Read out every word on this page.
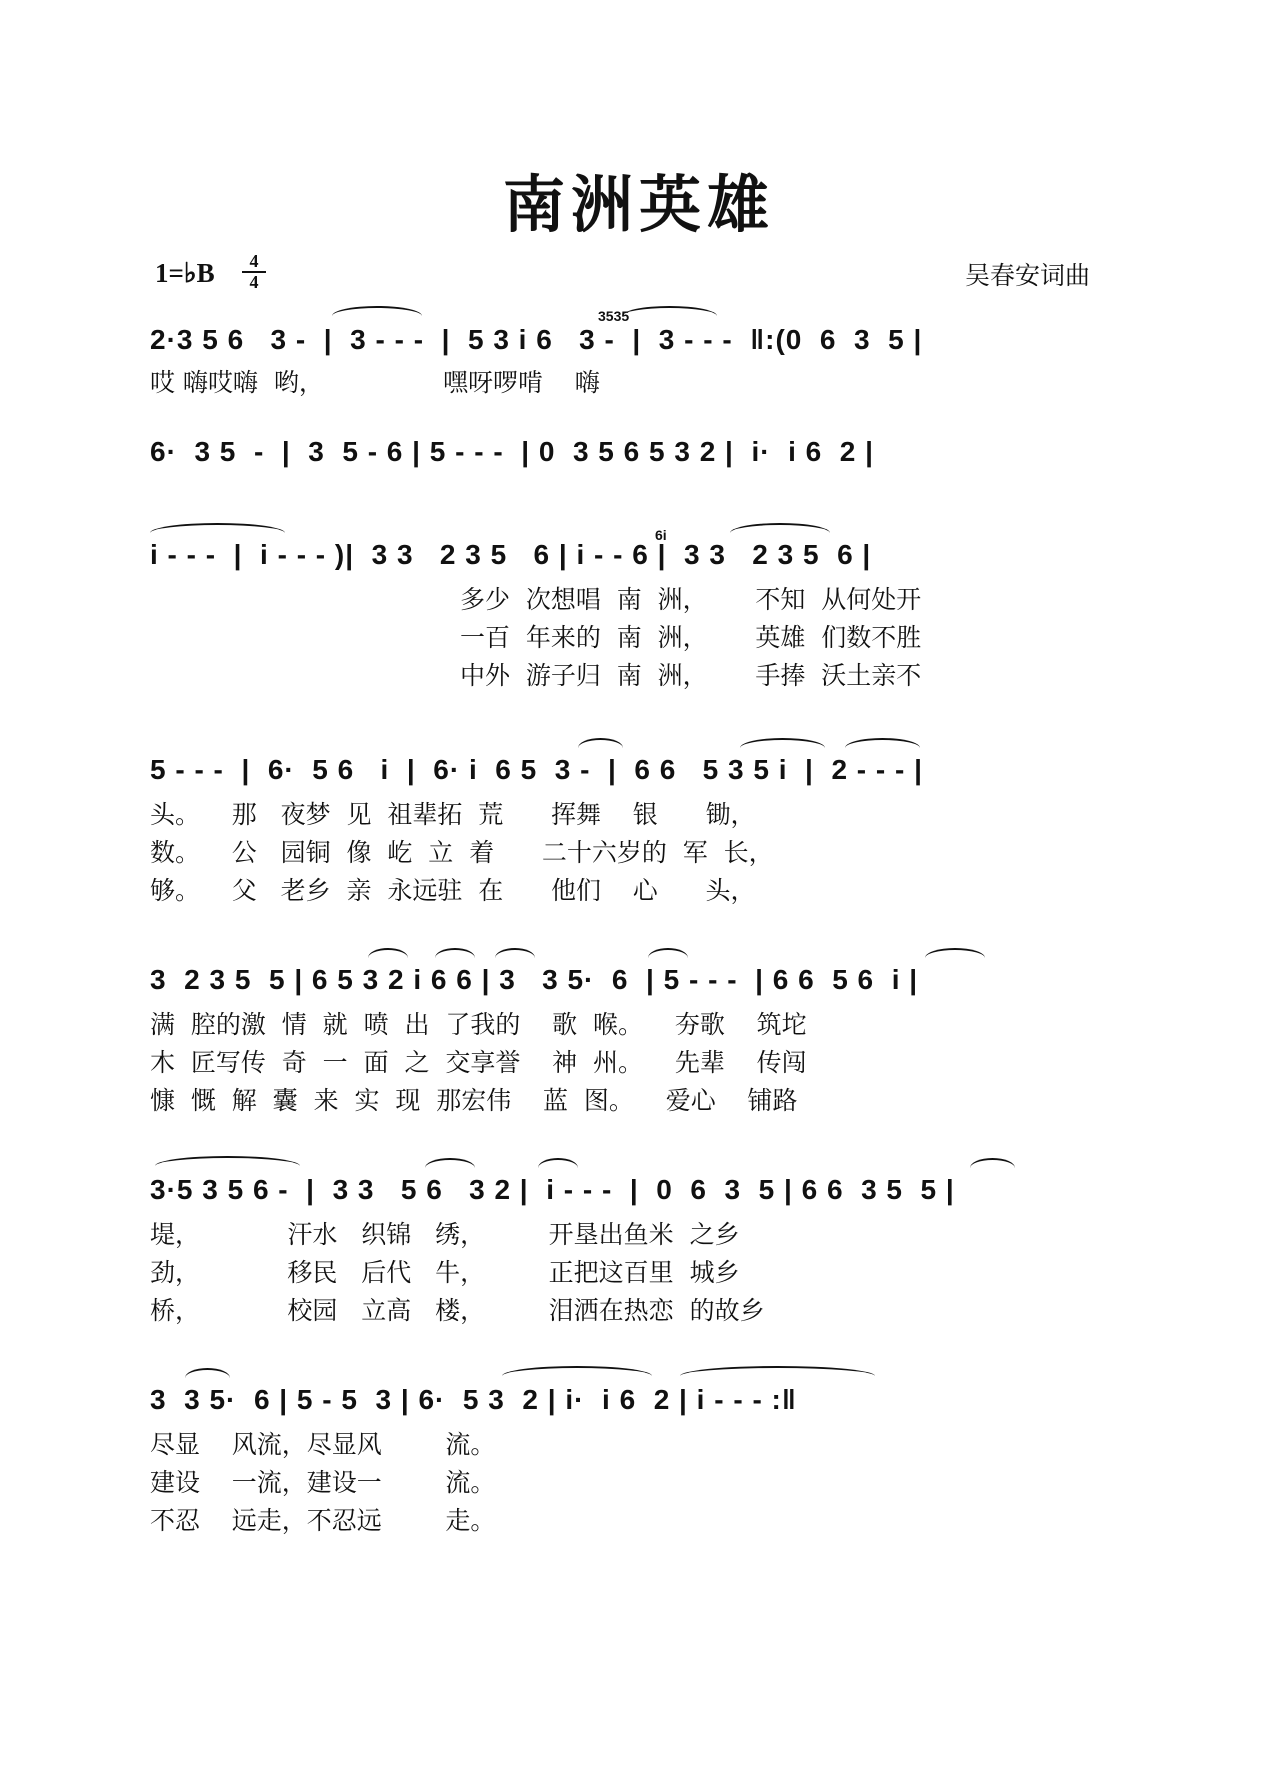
南洲英雄
1=♭B	4
4	吴春安词曲
3535
2·3 5 6   3 -  |  3 - - -  |  5 3 i 6   3 -  |  3 - - -  ‖:(0  6  3  5 |
哎 嗨哎嗨  哟，               嘿呀啰啃    嗨
6·  3 5  -  |  3  5 - 6 | 5 - - -  | 0  3 5 6 5 3 2 |  i·  i 6  2 |
6i
i - - -  |  i - - - )|  3 3   2 3 5   6 | i - - 6 |  3 3   2 3 5  6 |
多少  次想唱  南  洲，      不知  从何处开
一百  年来的  南  洲，      英雄  们数不胜
中外  游子归  南  洲，      手捧  沃土亲不
5 - - -  |  6·  5 6   i  |  6· i  6 5  3 -  |  6 6   5 3 5 i  |  2 - - - |
头。    那   夜梦  见  祖辈拓  荒      挥舞    银      锄，
数。    公   园铜  像  屹  立  着      二十六岁的  军  长，
够。    父   老乡  亲  永远驻  在      他们    心      头，
3  2 3 5  5 | 6 5 3 2 i 6 6 | 3   3 5·  6  | 5 - - -  | 6 6  5 6  i |
满  腔的激  情  就  喷  出  了我的    歌  喉。    夯歌    筑坨
木  匠写传  奇  一  面  之  交享誉    神  州。    先辈    传闯
慷  慨  解  囊  来  实  现  那宏伟    蓝  图。    爱心    铺路
3·5 3 5 6 -  |  3 3   5 6   3 2 |  i - - -  |  0  6  3  5 | 6 6  3 5  5 |
堤，           汗水   织锦   绣，        开垦出鱼米  之乡
劲，           移民   后代   牛，        正把这百里  城乡
桥，           校园   立高   楼，        泪洒在热恋  的故乡
3  3 5·  6 | 5 - 5  3 | 6·  5 3  2 | i·  i 6  2 | i - - - :‖
尽显    风流，尽显风        流。
建设    一流，建设一        流。
不忍    远走，不忍远        走。
